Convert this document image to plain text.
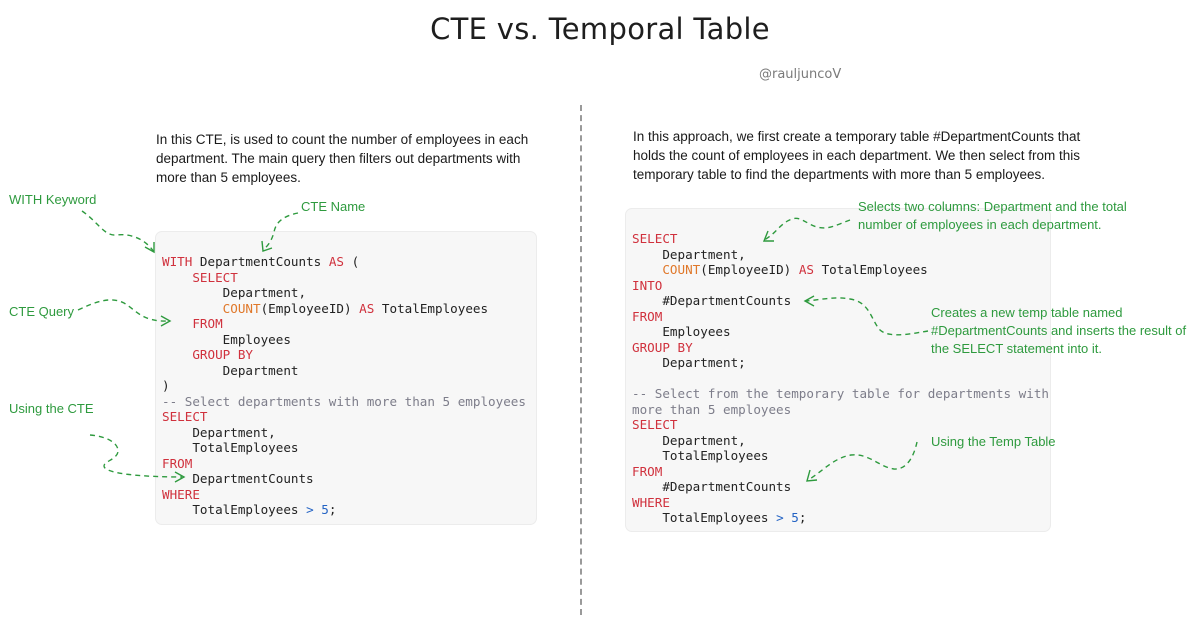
CTE vs. Temporal Table
@rauljuncoV
In this CTE, is used to count the number of employees in each department. The main query then filters out departments with more than 5 employees.
WITH DepartmentCounts AS (
SELECT
Department,
COUNT(EmployeeID) AS TotalEmployees
FROM
Employees
GROUP BY
Department
)
-- Select departments with more than 5 employees
SELECT
Department,
TotalEmployees
FROM
DepartmentCounts
WHERE
TotalEmployees > 5;
WITH Keyword	CTE Name
CTE Query
Using the CTE
In this approach, we first create a temporary table #DepartmentCounts that holds the count of employees in each department. We then select from this temporary table to find the departments with more than 5 employees.
SELECT
Department,
COUNT(EmployeeID) AS TotalEmployees
INTO
#DepartmentCounts
FROM
Employees
GROUP BY
Department;

-- Select from the temporary table for departments with
more than 5 employees
SELECT
Department,
TotalEmployees
FROM
#DepartmentCounts
WHERE
TotalEmployees > 5;
Selects two columns: Department and the total number of employees in each department.
Creates a new temp table named #DepartmentCounts and inserts the result of the SELECT statement into it.
Using the Temp Table
